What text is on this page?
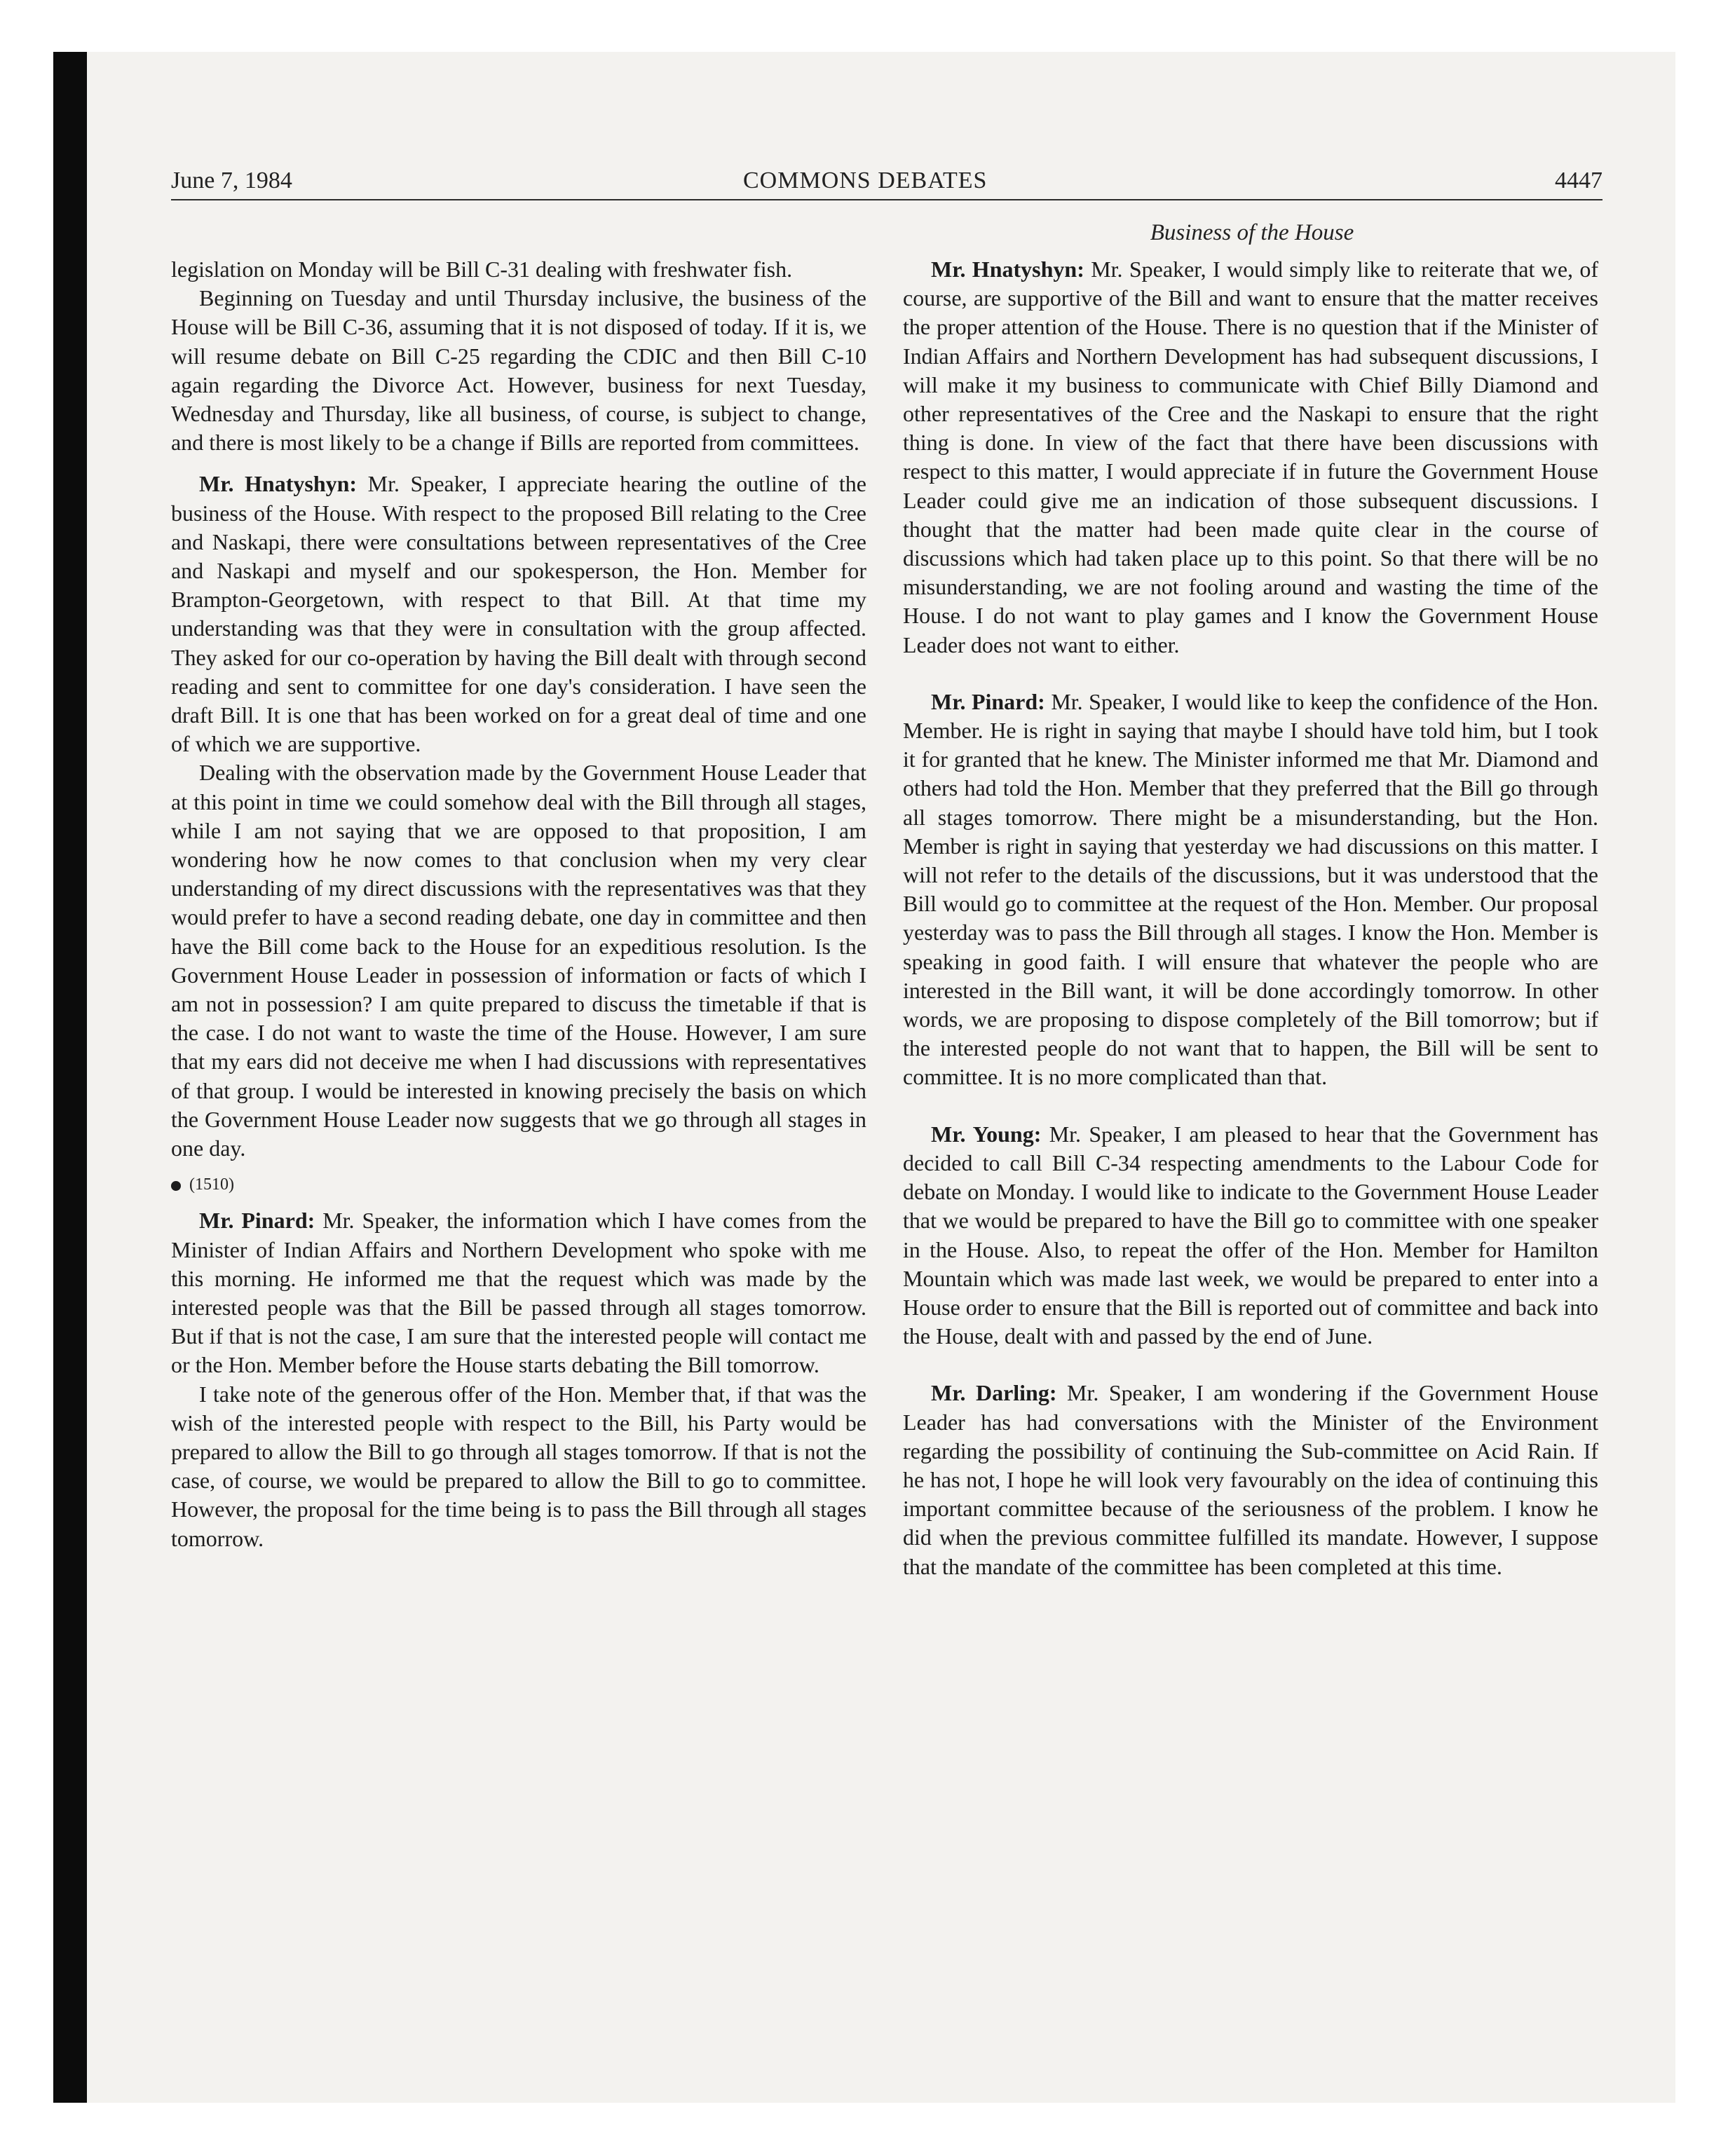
June 7, 1984	COMMONS DEBATES	4447
Business of the House

legislation on Monday will be Bill C-31 dealing with freshwater fish.

Beginning on Tuesday and until Thursday inclusive, the business of the House will be Bill C-36, assuming that it is not disposed of today. If it is, we will resume debate on Bill C-25 regarding the CDIC and then Bill C-10 again regarding the Divorce Act. However, business for next Tuesday, Wednesday and Thursday, like all business, of course, is subject to change, and there is most likely to be a change if Bills are reported from committees.

Mr. Hnatyshyn: Mr. Speaker, I appreciate hearing the outline of the business of the House. With respect to the proposed Bill relating to the Cree and Naskapi, there were consultations between representatives of the Cree and Naskapi and myself and our spokesperson, the Hon. Member for Brampton-Georgetown, with respect to that Bill. At that time my understanding was that they were in consultation with the group affected. They asked for our co-operation by having the Bill dealt with through second reading and sent to committee for one day's consideration. I have seen the draft Bill. It is one that has been worked on for a great deal of time and one of which we are supportive.

Dealing with the observation made by the Government House Leader that at this point in time we could somehow deal with the Bill through all stages, while I am not saying that we are opposed to that proposition, I am wondering how he now comes to that conclusion when my very clear understanding of my direct discussions with the representatives was that they would prefer to have a second reading debate, one day in committee and then have the Bill come back to the House for an expeditious resolution. Is the Government House Leader in possession of information or facts of which I am not in possession? I am quite prepared to discuss the timetable if that is the case. I do not want to waste the time of the House. However, I am sure that my ears did not deceive me when I had discussions with representatives of that group. I would be interested in knowing precisely the basis on which the Government House Leader now suggests that we go through all stages in one day.

(1510)

Mr. Pinard: Mr. Speaker, the information which I have comes from the Minister of Indian Affairs and Northern Development who spoke with me this morning. He informed me that the request which was made by the interested people was that the Bill be passed through all stages tomorrow. But if that is not the case, I am sure that the interested people will contact me or the Hon. Member before the House starts debating the Bill tomorrow.

I take note of the generous offer of the Hon. Member that, if that was the wish of the interested people with respect to the Bill, his Party would be prepared to allow the Bill to go through all stages tomorrow. If that is not the case, of course, we would be prepared to allow the Bill to go to committee. However, the proposal for the time being is to pass the Bill through all stages tomorrow.

Mr. Hnatyshyn: Mr. Speaker, I would simply like to reiterate that we, of course, are supportive of the Bill and want to ensure that the matter receives the proper attention of the House. There is no question that if the Minister of Indian Affairs and Northern Development has had subsequent discussions, I will make it my business to communicate with Chief Billy Diamond and other representatives of the Cree and the Naskapi to ensure that the right thing is done. In view of the fact that there have been discussions with respect to this matter, I would appreciate if in future the Government House Leader could give me an indication of those subsequent discussions. I thought that the matter had been made quite clear in the course of discussions which had taken place up to this point. So that there will be no misunderstanding, we are not fooling around and wasting the time of the House. I do not want to play games and I know the Government House Leader does not want to either.

Mr. Pinard: Mr. Speaker, I would like to keep the confidence of the Hon. Member. He is right in saying that maybe I should have told him, but I took it for granted that he knew. The Minister informed me that Mr. Diamond and others had told the Hon. Member that they preferred that the Bill go through all stages tomorrow. There might be a misunderstanding, but the Hon. Member is right in saying that yesterday we had discussions on this matter. I will not refer to the details of the discussions, but it was understood that the Bill would go to committee at the request of the Hon. Member. Our proposal yesterday was to pass the Bill through all stages. I know the Hon. Member is speaking in good faith. I will ensure that whatever the people who are interested in the Bill want, it will be done accordingly tomorrow. In other words, we are proposing to dispose completely of the Bill tomorrow; but if the interested people do not want that to happen, the Bill will be sent to committee. It is no more complicated than that.

Mr. Young: Mr. Speaker, I am pleased to hear that the Government has decided to call Bill C-34 respecting amendments to the Labour Code for debate on Monday. I would like to indicate to the Government House Leader that we would be prepared to have the Bill go to committee with one speaker in the House. Also, to repeat the offer of the Hon. Member for Hamilton Mountain which was made last week, we would be prepared to enter into a House order to ensure that the Bill is reported out of committee and back into the House, dealt with and passed by the end of June.

Mr. Darling: Mr. Speaker, I am wondering if the Government House Leader has had conversations with the Minister of the Environment regarding the possibility of continuing the Sub-committee on Acid Rain. If he has not, I hope he will look very favourably on the idea of continuing this important committee because of the seriousness of the problem. I know he did when the previous committee fulfilled its mandate. However, I suppose that the mandate of the committee has been completed at this time.
